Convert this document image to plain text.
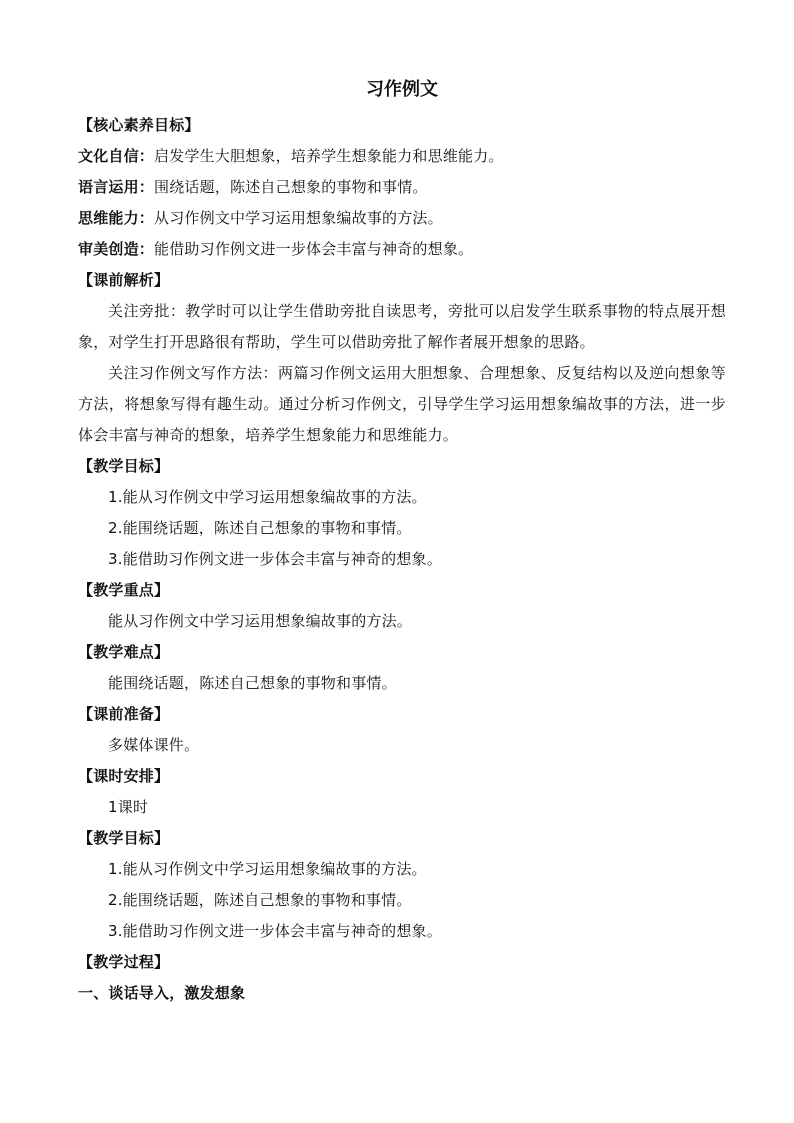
习作例文

【核心素养目标】

文化自信：启发学生大胆想象，培养学生想象能力和思维能力。

语言运用：围绕话题，陈述自己想象的事物和事情。

思维能力：从习作例文中学习运用想象编故事的方法。

审美创造：能借助习作例文进一步体会丰富与神奇的想象。

【课前解析】

关注旁批：教学时可以让学生借助旁批自读思考，旁批可以启发学生联系事物的特点展开想象，对学生打开思路很有帮助，学生可以借助旁批了解作者展开想象的思路。

关注习作例文写作方法：两篇习作例文运用大胆想象、合理想象、反复结构以及逆向想象等方法，将想象写得有趣生动。通过分析习作例文，引导学生学习运用想象编故事的方法，进一步体会丰富与神奇的想象，培养学生想象能力和思维能力。

【教学目标】

1.能从习作例文中学习运用想象编故事的方法。

2.能围绕话题，陈述自己想象的事物和事情。

3.能借助习作例文进一步体会丰富与神奇的想象。

【教学重点】

能从习作例文中学习运用想象编故事的方法。

【教学难点】

能围绕话题，陈述自己想象的事物和事情。

【课前准备】

多媒体课件。

【课时安排】

1课时

【教学目标】

1.能从习作例文中学习运用想象编故事的方法。

2.能围绕话题，陈述自己想象的事物和事情。

3.能借助习作例文进一步体会丰富与神奇的想象。

【教学过程】

一、谈话导入，激发想象
